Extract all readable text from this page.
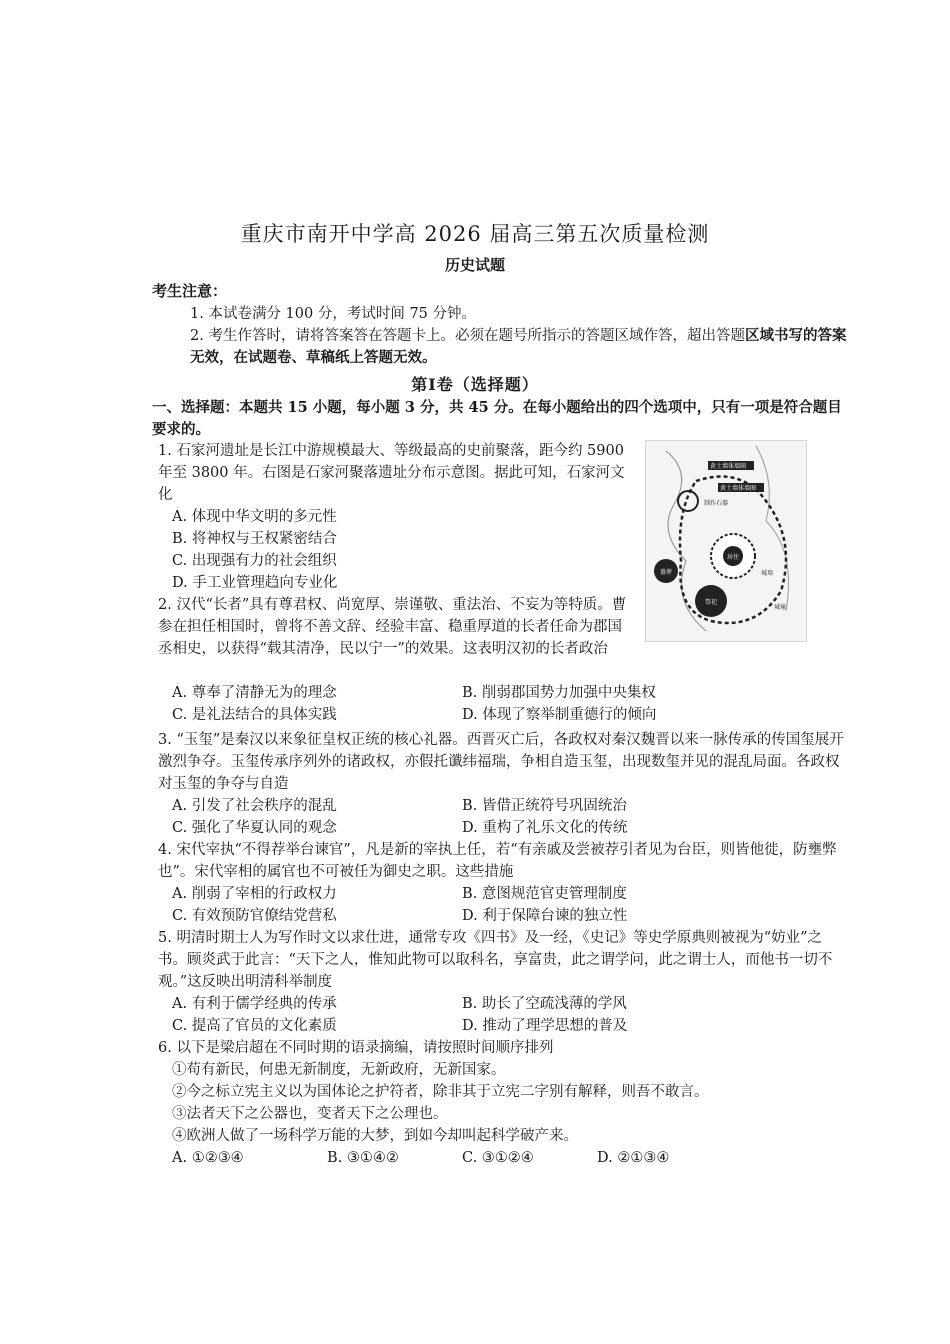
重庆市南开中学高 2026 届高三第五次质量检测
历史试题
考生注意：
1. 本试卷满分 100 分，考试时间 75 分钟。
2. 考生作答时，请将答案答在答题卡上。必须在题号所指示的答题区域作答，超出答题区域书写的答案无效，在试题卷、草稿纸上答题无效。
第Ⅰ卷（选择题）
一、选择题：本题共 15 小题，每小题 3 分，共 45 分。在每小题给出的四个选项中，只有一项是符合题目要求的。
1. 石家河遗址是长江中游规模最大、等级最高的史前聚落，距今约 5900 年至 3800 年。右图是石家河聚落遗址分布示意图。据此可知，石家河文化
A. 体现中华文明的多元性
B. 将神权与王权紧密结合
C. 出现强有力的社会组织
D. 手工业管理趋向专业化
黄土墙体墙圈
黄土墙体墙圈
制作石器
居住
城墙
墓葬
祭祀
城壕
2. 汉代“长者”具有尊君权、尚宽厚、崇谨敬、重法治、不妄为等特质。曹参在担任相国时，曾将不善文辞、经验丰富、稳重厚道的长者任命为郡国丞相史，以获得“载其清净，民以宁一”的效果。这表明汉初的长者政治
A. 尊奉了清静无为的理念	B. 削弱郡国势力加强中央集权
C. 是礼法结合的具体实践	D. 体现了察举制重德行的倾向
3. “玉玺”是秦汉以来象征皇权正统的核心礼器。西晋灭亡后，各政权对秦汉魏晋以来一脉传承的传国玺展开激烈争夺。玉玺传承序列外的诸政权，亦假托谶纬福瑞，争相自造玉玺，出现数玺并见的混乱局面。各政权对玉玺的争夺与自造
A. 引发了社会秩序的混乱	B. 皆借正统符号巩固统治
C. 强化了华夏认同的观念	D. 重构了礼乐文化的传统
4. 宋代宰执“不得荐举台谏官”，凡是新的宰执上任，若“有亲戚及尝被荐引者见为台臣，则皆他徙，防壅弊也”。宋代宰相的属官也不可被任为御史之职。这些措施
A. 削弱了宰相的行政权力	B. 意图规范官吏管理制度
C. 有效预防官僚结党营私	D. 利于保障台谏的独立性
5. 明清时期士人为写作时文以求仕进，通常专攻《四书》及一经，《史记》等史学原典则被视为“妨业”之书。顾炎武于此言：“天下之人，惟知此物可以取科名，享富贵，此之谓学问，此之谓士人，而他书一切不观。”这反映出明清科举制度
A. 有利于儒学经典的传承	B. 助长了空疏浅薄的学风
C. 提高了官员的文化素质	D. 推动了理学思想的普及
6. 以下是梁启超在不同时期的语录摘编，请按照时间顺序排列
①苟有新民，何患无新制度，无新政府，无新国家。
②今之标立宪主义以为国体论之护符者，除非其于立宪二字别有解释，则吾不敢言。
③法者天下之公器也，变者天下之公理也。
④欧洲人做了一场科学万能的大梦，到如今却叫起科学破产来。
A. ①②③④	B. ③①④②	C. ③①②④	D. ②①③④
